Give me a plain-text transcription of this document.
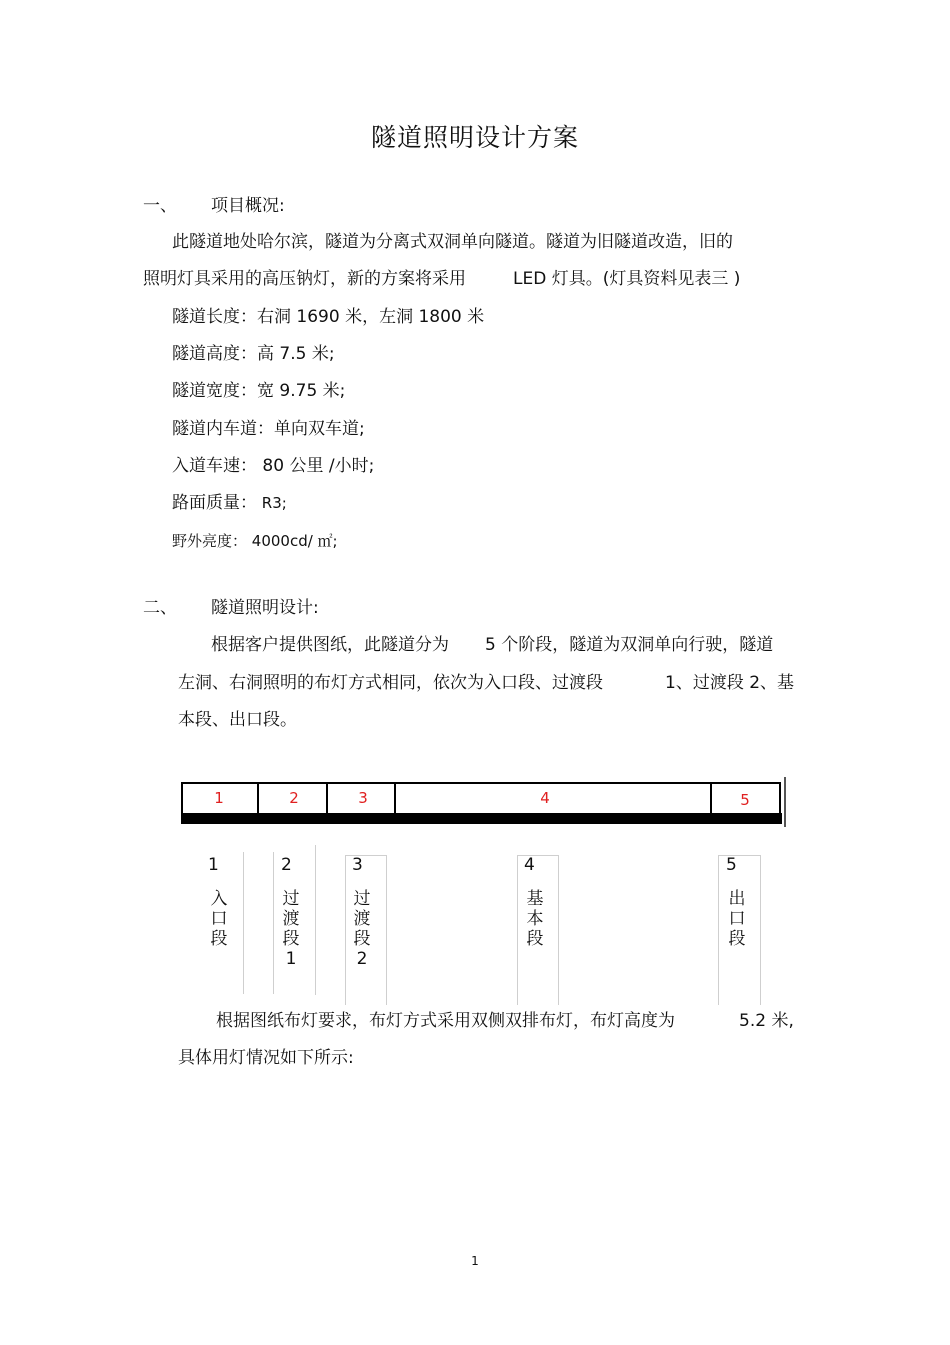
隧道照明设计方案
一、 项目概况:
此隧道地处哈尔滨，隧道为分离式双洞单向隧道。隧道为旧隧道改造，旧的
照明灯具采用的高压钠灯，新的方案将采用	LED 灯具。(灯具资料见表三 )
隧道长度：右洞 1690 米，左洞 1800 米
隧道高度：高 7.5 米;
隧道宽度：宽 9.75 米;
隧道内车道：单向双车道;
入道车速： 80 公里 /小时;
路面质量： R3;
野外亮度： 4000cd/ ㎡;
二、 隧道照明设计:
根据客户提供图纸，此隧道分为 5 个阶段，隧道为双洞单向行驶，隧道
左洞、右洞照明的布灯方式相同，依次为入口段、过渡段	1、过渡段 2、基
本段、出口段。
1	2	3	4	5
1	2	3	4	5
入口段
过渡段1
过渡段2
基本段
出口段
根据图纸布灯要求，布灯方式采用双侧双排布灯，布灯高度为	5.2 米,
具体用灯情况如下所示:
1
